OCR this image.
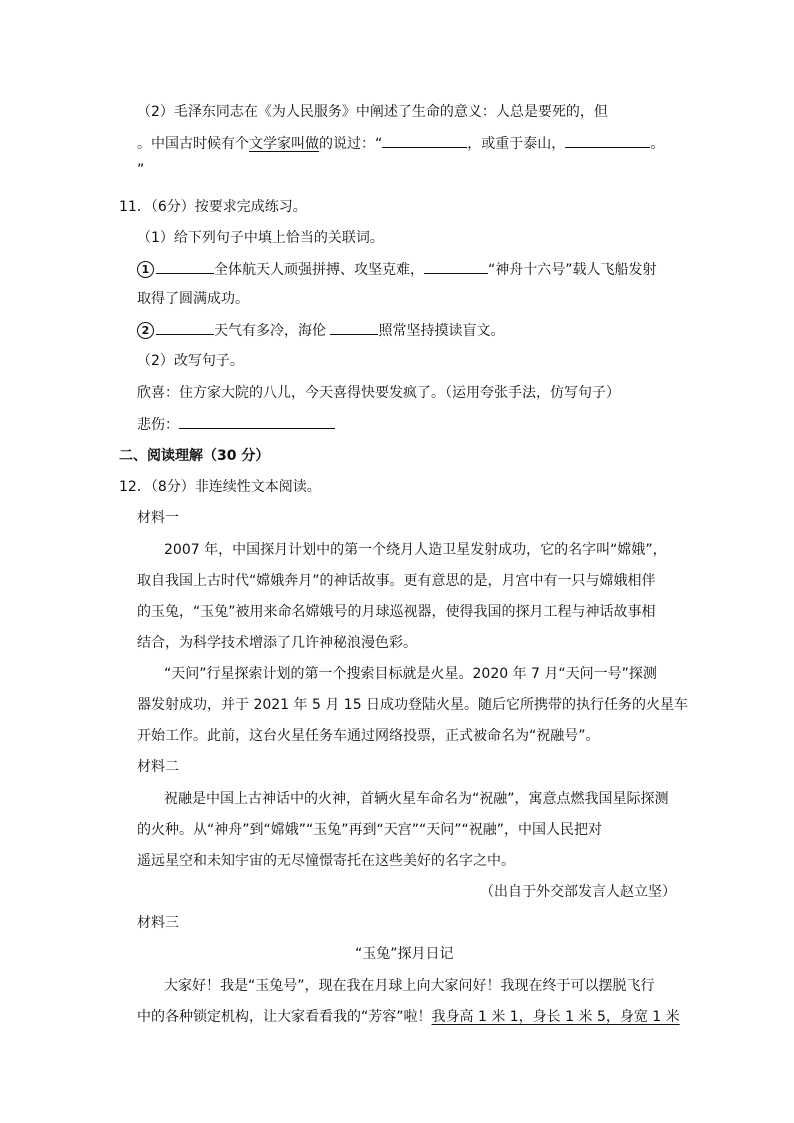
（2）毛泽东同志在《为人民服务》中阐述了生命的意义：人总是要死的，但
。中国古时候有个文学家叫做的说过：“	，或重于泰山，	。
”
11．（6分）按要求完成练习。
（1）给下列句子中填上恰当的关联词。
1	全体航天人顽强拼搏、攻坚克难，	“神舟十六号”载人飞船发射
取得了圆满成功。
2	天气有多冷，海伦	照常坚持摸读盲文。
（2）改写句子。
欣喜：住方家大院的八儿，今天喜得快要发疯了。（运用夸张手法，仿写句子）
悲伤：
二、阅读理解（30 分）
12．（8分）非连续性文本阅读。
材料一
2007 年，中国探月计划中的第一个绕月人造卫星发射成功，它的名字叫“嫦娥”，
取自我国上古时代“嫦娥奔月”的神话故事。更有意思的是，月宫中有一只与嫦娥相伴
的玉兔，“玉兔”被用来命名嫦娥号的月球巡视器，使得我国的探月工程与神话故事相
结合，为科学技术增添了几许神秘浪漫色彩。
“天问”行星探索计划的第一个搜索目标就是火星。2020 年 7 月“天问一号”探测
器发射成功，并于 2021 年 5 月 15 日成功登陆火星。随后它所携带的执行任务的火星车
开始工作。此前，这台火星任务车通过网络投票，正式被命名为“祝融号”。
材料二
祝融是中国上古神话中的火神，首辆火星车命名为“祝融”，寓意点燃我国星际探测
的火种。从“神舟”到“嫦娥”“玉兔”再到“天宫”“天问”“祝融”，中国人民把对
遥远星空和未知宇宙的无尽憧憬寄托在这些美好的名字之中。
（出自于外交部发言人赵立坚）
材料三
“玉兔”探月日记
大家好！我是“玉兔号”，现在我在月球上向大家问好！我现在终于可以摆脱飞行
中的各种锁定机构，让大家看看我的“芳容”啦！我身高 1 米 1，身长 1 米 5，身宽 1 米
